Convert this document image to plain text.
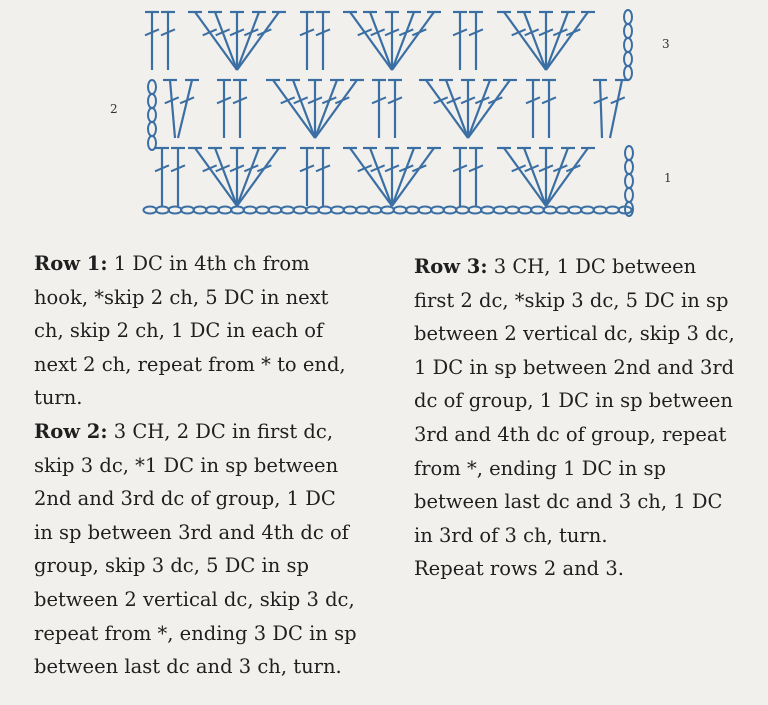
3
2
1
Row 1: 1 DC in 4th ch from
hook, *skip 2 ch, 5 DC in next
ch, skip 2 ch, 1 DC in each of
next 2 ch, repeat from * to end,
turn.
Row 2: 3 CH, 2 DC in first dc,
skip 3 dc, *1 DC in sp between
2nd and 3rd dc of group, 1 DC
in sp between 3rd and 4th dc of
group, skip 3 dc, 5 DC in sp
between 2 vertical dc, skip 3 dc,
repeat from *, ending 3 DC in sp
between last dc and 3 ch, turn.
Row 3: 3 CH, 1 DC between
first 2 dc, *skip 3 dc, 5 DC in sp
between 2 vertical dc, skip 3 dc,
1 DC in sp between 2nd and 3rd
dc of group, 1 DC in sp between
3rd and 4th dc of group, repeat
from *, ending 1 DC in sp
between last dc and 3 ch, 1 DC
in 3rd of 3 ch, turn.
Repeat rows 2 and 3.
